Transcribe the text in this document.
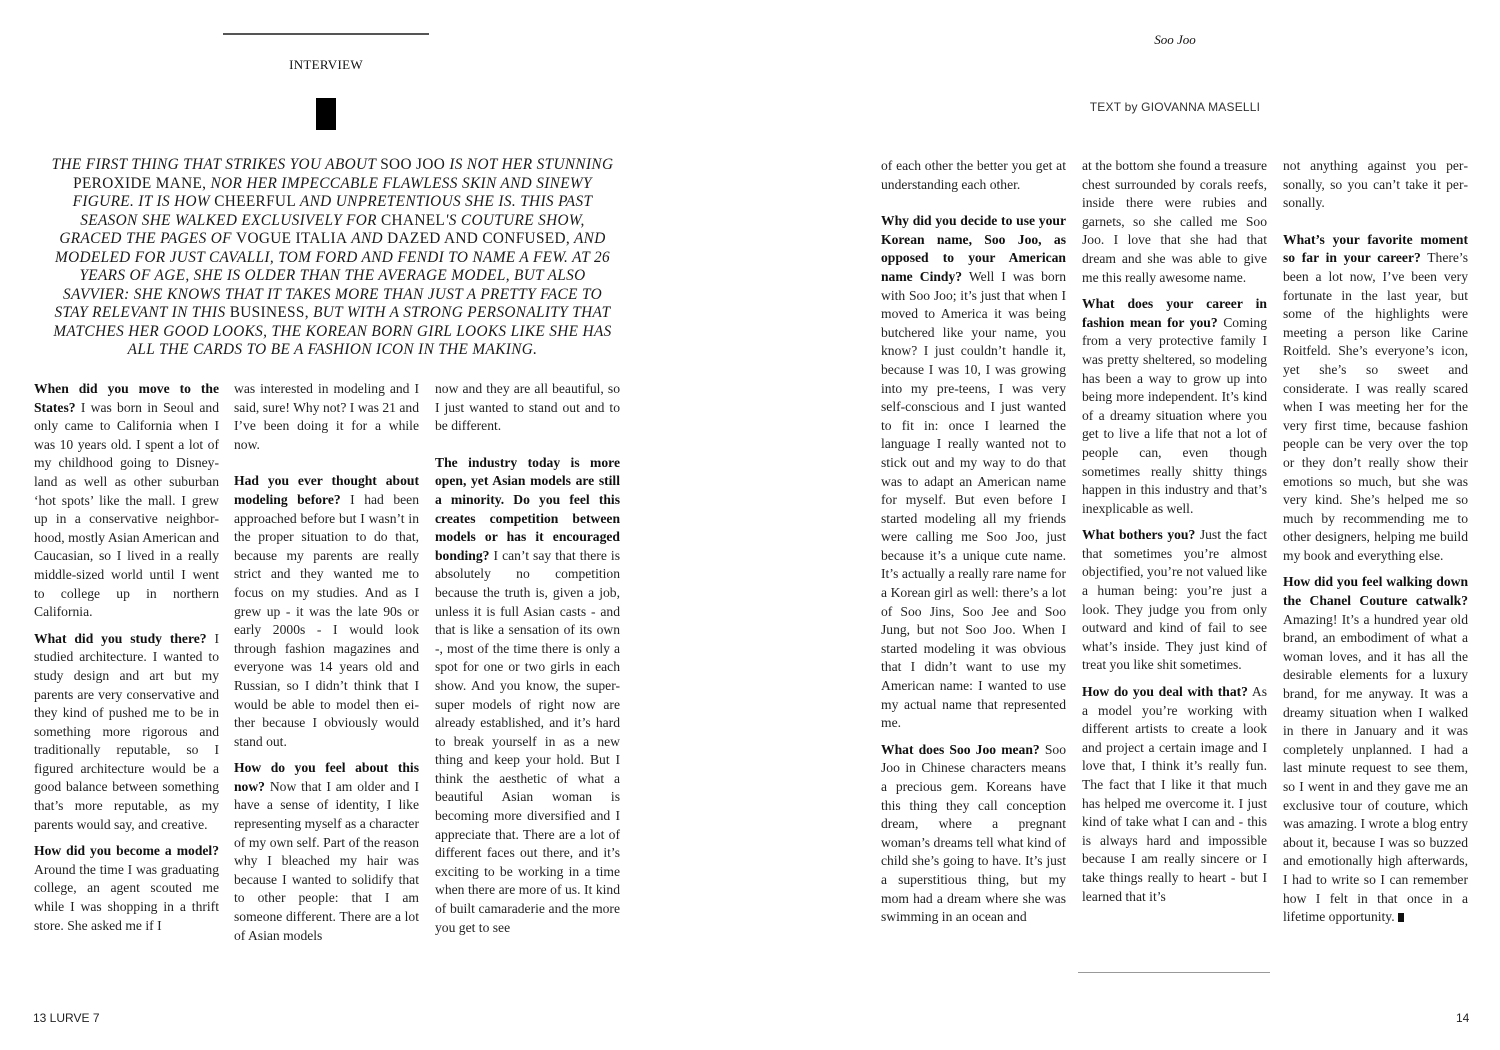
INTERVIEW
THE FIRST THING THAT STRIKES YOU ABOUT SOO JOO IS NOT HER STUNNING PEROXIDE MANE, NOR HER IMPECCABLE FLAWLESS SKIN AND SINEWY FIGURE. IT IS HOW CHEERFUL AND UNPRETENTIOUS SHE IS. THIS PAST SEASON SHE WALKED EXCLUSIVELY FOR CHANEL'S COUTURE SHOW, GRACED THE PAGES OF VOGUE ITALIA AND DAZED AND CONFUSED, AND MODELED FOR JUST CAVALLI, TOM FORD AND FENDI TO NAME A FEW. AT 26 YEARS OF AGE, SHE IS OLDER THAN THE AVERAGE MODEL, BUT ALSO SAVVIER: SHE KNOWS THAT IT TAKES MORE THAN JUST A PRETTY FACE TO STAY RELEVANT IN THIS BUSINESS, BUT WITH A STRONG PERSONALITY THAT MATCHES HER GOOD LOOKS, THE KOREAN BORN GIRL LOOKS LIKE SHE HAS ALL THE CARDS TO BE A FASHION ICON IN THE MAKING.

When did you move to the States? I was born in Seoul and only came to California when I was 10 years old. I spent a lot of my childhood going to Disneyland as well as other suburban ‘hot spots’ like the mall. I grew up in a conservative neighborhood, mostly Asian American and Caucasian, so I lived in a really middle-sized world until I went to college up in northern California.

What did you study there? I studied architecture. I wanted to study design and art but my parents are very conservative and they kind of pushed me to be in something more rigorous and traditionally reputable, so I figured architecture would be a good balance between something that’s more reputable, as my parents would say, and creative.

How did you become a model? Around the time I was graduating college, an agent scouted me while I was shopping in a thrift store. She asked me if I

was interested in modeling and I said, sure! Why not? I was 21 and I’ve been doing it for a while now.

Had you ever thought about modeling before? I had been approached before but I wasn’t in the proper situation to do that, because my parents are really strict and they wanted me to focus on my studies. And as I grew up - it was the late 90s or early 2000s - I would look through fashion magazines and everyone was 14 years old and Russian, so I didn’t think that I would be able to model then either because I obviously would stand out.

How do you feel about this now? Now that I am older and I have a sense of identity, I like representing myself as a character of my own self. Part of the reason why I bleached my hair was because I wanted to solidify that to other people: that I am someone different. There are a lot of Asian models

now and they are all beautiful, so I just wanted to stand out and to be different.

The industry today is more open, yet Asian models are still a minority. Do you feel this creates competition between models or has it encouraged bonding? I can’t say that there is absolutely no competition because the truth is, given a job, unless it is full Asian casts - and that is like a sensation of its own -, most of the time there is only a spot for one or two girls in each show. And you know, the super-super models of right now are already established, and it’s hard to break yourself in as a new thing and keep your hold. But I think the aesthetic of what a beautiful Asian woman is becoming more diversified and I appreciate that. There are a lot of different faces out there, and it’s exciting to be working in a time when there are more of us. It kind of built camaraderie and the more you get to see

13 LURVE 7
Soo Joo
TEXT by GIOVANNA MASELLI

of each other the better you get at understanding each other.

Why did you decide to use your Korean name, Soo Joo, as opposed to your American name Cindy? Well I was born with Soo Joo; it’s just that when I moved to America it was being butchered like your name, you know? I just couldn’t handle it, because I was 10, I was growing into my pre-teens, I was very self-conscious and I just wanted to fit in: once I learned the language I really wanted not to stick out and my way to do that was to adapt an American name for myself. But even before I started modeling all my friends were calling me Soo Joo, just because it’s a unique cute name. It’s actually a really rare name for a Korean girl as well: there’s a lot of Soo Jins, Soo Jee and Soo Jung, but not Soo Joo. When I started modeling it was obvious that I didn’t want to use my American name: I wanted to use my actual name that represented me.

What does Soo Joo mean? Soo Joo in Chinese characters means a precious gem. Koreans have this thing they call conception dream, where a pregnant woman’s dreams tell what kind of child she’s going to have. It’s just a superstitious thing, but my mom had a dream where she was swimming in an ocean and

at the bottom she found a treasure chest surrounded by corals reefs, inside there were rubies and garnets, so she called me Soo Joo. I love that she had that dream and she was able to give me this really awesome name.

What does your career in fashion mean for you? Coming from a very protective family I was pretty sheltered, so modeling has been a way to grow up into being more independent. It’s kind of a dreamy situation where you get to live a life that not a lot of people can, even though sometimes really shitty things happen in this industry and that’s inexplicable as well.

What bothers you? Just the fact that sometimes you’re almost objectified, you’re not valued like a human being: you’re just a look. They judge you from only outward and kind of fail to see what’s inside. They just kind of treat you like shit sometimes.

How do you deal with that? As a model you’re working with different artists to create a look and project a certain image and I love that, I think it’s really fun. The fact that I like it that much has helped me overcome it. I just kind of take what I can and - this is always hard and impossible because I am really sincere or I take things really to heart - but I learned that it’s

not anything against you personally, so you can’t take it personally.

What’s your favorite moment so far in your career? There’s been a lot now, I’ve been very fortunate in the last year, but some of the highlights were meeting a person like Carine Roitfeld. She’s everyone’s icon, yet she’s so sweet and considerate. I was really scared when I was meeting her for the very first time, because fashion people can be very over the top or they don’t really show their emotions so much, but she was very kind. She’s helped me so much by recommending me to other designers, helping me build my book and everything else.

How did you feel walking down the Chanel Couture catwalk? Amazing! It’s a hundred year old brand, an embodiment of what a woman loves, and it has all the desirable elements for a luxury brand, for me anyway. It was a dreamy situation when I walked in there in January and it was completely unplanned. I had a last minute request to see them, so I went in and they gave me an exclusive tour of couture, which was amazing. I wrote a blog entry about it, because I was so buzzed and emotionally high afterwards, I had to write so I can remember how I felt in that once in a lifetime opportunity.

14
